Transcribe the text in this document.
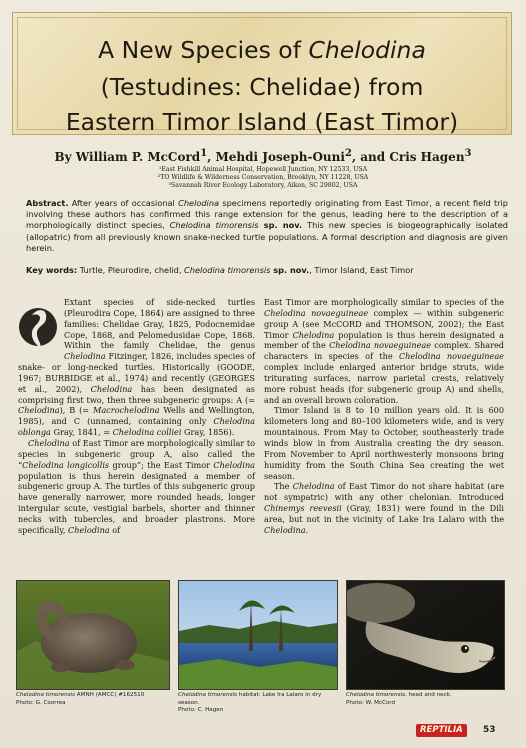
A New Species of Chelodina
(Testudines: Chelidae) from
Eastern Timor Island (East Timor)
By William P. McCord$^1$, Mehdi Joseph-Ouni$^2$, and Cris Hagen$^3$
¹East Fishkill Animal Hospital, Hopewell Junction, NY 12533, USA
²TO Wildlife & Wilderness Conservation, Brooklyn, NY 11228, USA
³Savannah River Ecology Laboratory, Aiken, SC 29802, USA
Abstract. After years of occasional Chelodina specimens reportedly originating from East Timor, a recent field trip involving these authors has confirmed this range extension for the genus, leading here to the description of a morphologically distinct species, Chelodina timorensis sp. nov. This new species is biogeographically isolated (allopatric) from all previously known snake-necked turtle populations. A formal description and diagnosis are given herein.
Key words: Turtle, Pleurodire, chelid, Chelodina timorensis sp. nov., Timor Island, East Timor

Extant species of side-necked turtles (Pleurodira Cope, 1864) are assigned to three families: Chelidae Gray, 1825, Podocnemidae Cope, 1868, and Pelomedusidae Cope, 1868. Within the family Chelidae, the genus Chelodina Fitzinger, 1826, includes species of snake- or long-necked turtles. Historically (GOODE, 1967; BURBIDGE et al., 1974) and recently (GEORGES et al., 2002), Chelodina has been designated as comprising first two, then three subgeneric groups: A (= Chelodina), B (= Macrochelodina Wells and Wellington, 1985), and C (unnamed, containing only Chelodina oblonga Gray, 1841, = Chelodina colliei Gray, 1856).

Chelodina of East Timor are morphologically similar to species in subgeneric group A, also called the “Chelodina longicollis group”; the East Timor Chelodina population is thus herein designated a member of subgeneric group A. The turtles of this subgeneric group have generally narrower, more rounded heads, longer intergular scute, vestigial barbels, shorter and thinner necks with tubercles, and broader plastrons. More specifically, Chelodina of

East Timor are morphologically similar to species of the Chelodina novaeguineae complex — within subgeneric group A (see McCORD and THOMSON, 2002); the East Timor Chelodina population is thus herein designated a member of the Chelodina novaeguineae complex. Shared characters in species of the Chelodina novaeguineae complex include enlarged anterior bridge struts, wide triturating surfaces, narrow parietal crests, relatively more robust heads (for subgeneric group A) and shells, and an overall brown coloration.

Timor Island is 8 to 10 million years old. It is 600 kilometers long and 80–100 kilometers wide, and is very mountainous. From May to October, southeasterly trade winds blow in from Australia creating the dry season. From November to April northwesterly monsoons bring humidity from the South China Sea creating the wet season.

The Chelodina of East Timor do not share habitat (are not sympatric) with any other chelonian. Introduced Chinemys reevesii (Gray, 1831) were found in the Dili area, but not in the vicinity of Lake Ira Lalaro with the Chelodina.

Chelodina timorensis AMNH (AMCC) #162510
Photo: G. Coorrea
Chelodina timorensis habitat: Lake Ira Lalaro in dry season.
Photo: C. Hagen
Chelodina timorensis, head and neck.
Photo: W. McCord
REPTILIA	53
